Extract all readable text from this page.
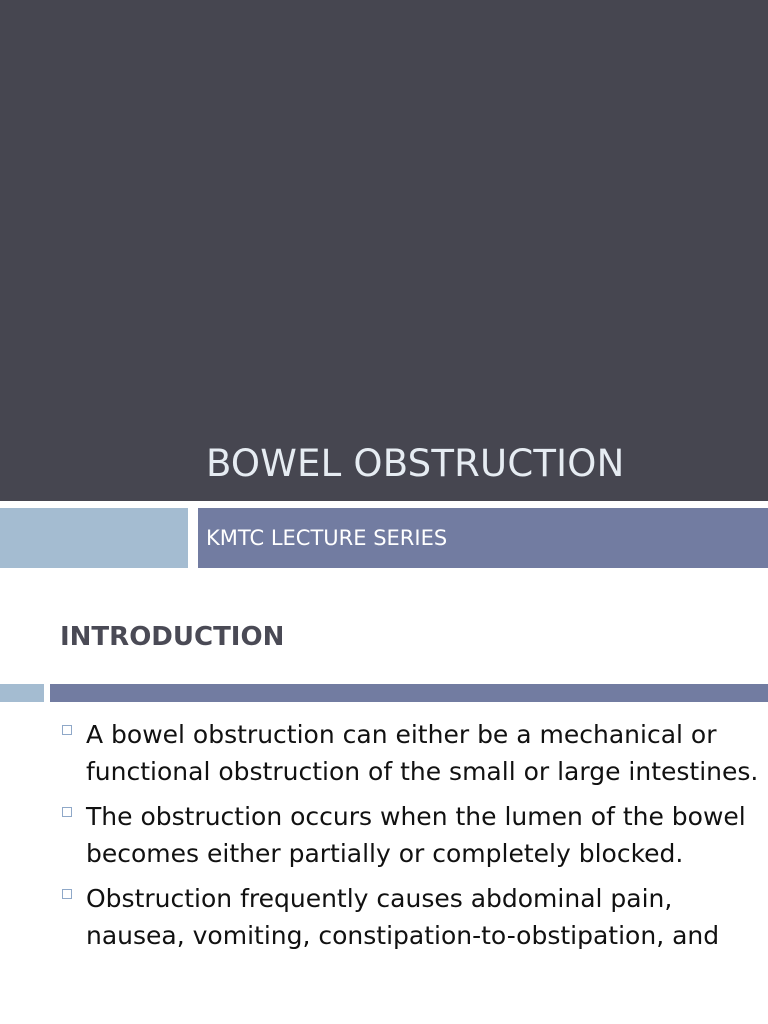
BOWEL OBSTRUCTION
KMTC LECTURE SERIES
INTRODUCTION
A bowel obstruction can either be a mechanical or functional obstruction of the small or large intestines.
The obstruction occurs when the lumen of the bowel becomes either partially or completely blocked.
Obstruction frequently causes abdominal pain, nausea, vomiting, constipation-to-obstipation, and
